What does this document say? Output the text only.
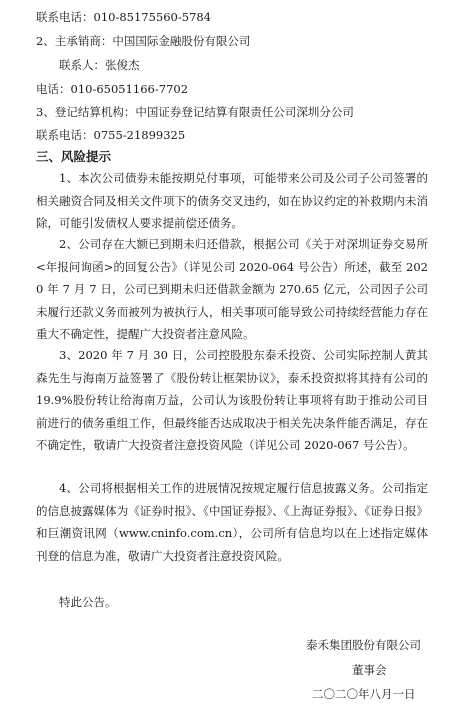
联系电话：010-85175560-5784
2、主承销商：中国国际金融股份有限公司
联系人：张俊杰
电话：010-65051166-7702
3、登记结算机构：中国证券登记结算有限责任公司深圳分公司
联系电话：0755-21899325
三、风险提示
1、本次公司债券未能按期兑付事项，可能带来公司及公司子公司签署的相关融资合同及相关文件项下的债务交叉违约，如在协议约定的补救期内未消除，可能引发债权人要求提前偿还债务。
2、公司存在大额已到期未归还借款，根据公司《关于对深圳证券交易所<年报问询函>的回复公告》（详见公司 2020-064 号公告）所述，截至 2020 年 7 月 7 日，公司已到期未归还借款金额为 270.65 亿元，公司因子公司未履行还款义务而被列为被执行人，相关事项可能导致公司持续经营能力存在重大不确定性，提醒广大投资者注意风险。
3、2020 年 7 月 30 日，公司控股股东泰禾投资、公司实际控制人黄其森先生与海南万益签署了《股份转让框架协议》，泰禾投资拟将其持有公司的 19.9%股份转让给海南万益，公司认为该股份转让事项将有助于推动公司目前进行的债务重组工作，但最终能否达成取决于相关先决条件能否满足，存在不确定性，敬请广大投资者注意投资风险（详见公司 2020-067 号公告）。
4、公司将根据相关工作的进展情况按规定履行信息披露义务。公司指定的信息披露媒体为《证券时报》、《中国证券报》、《上海证券报》、《证券日报》和巨潮资讯网（www.cninfo.com.cn），公司所有信息均以在上述指定媒体刊登的信息为准，敬请广大投资者注意投资风险。
特此公告。
泰禾集团股份有限公司
董事会
二〇二〇年八月一日
